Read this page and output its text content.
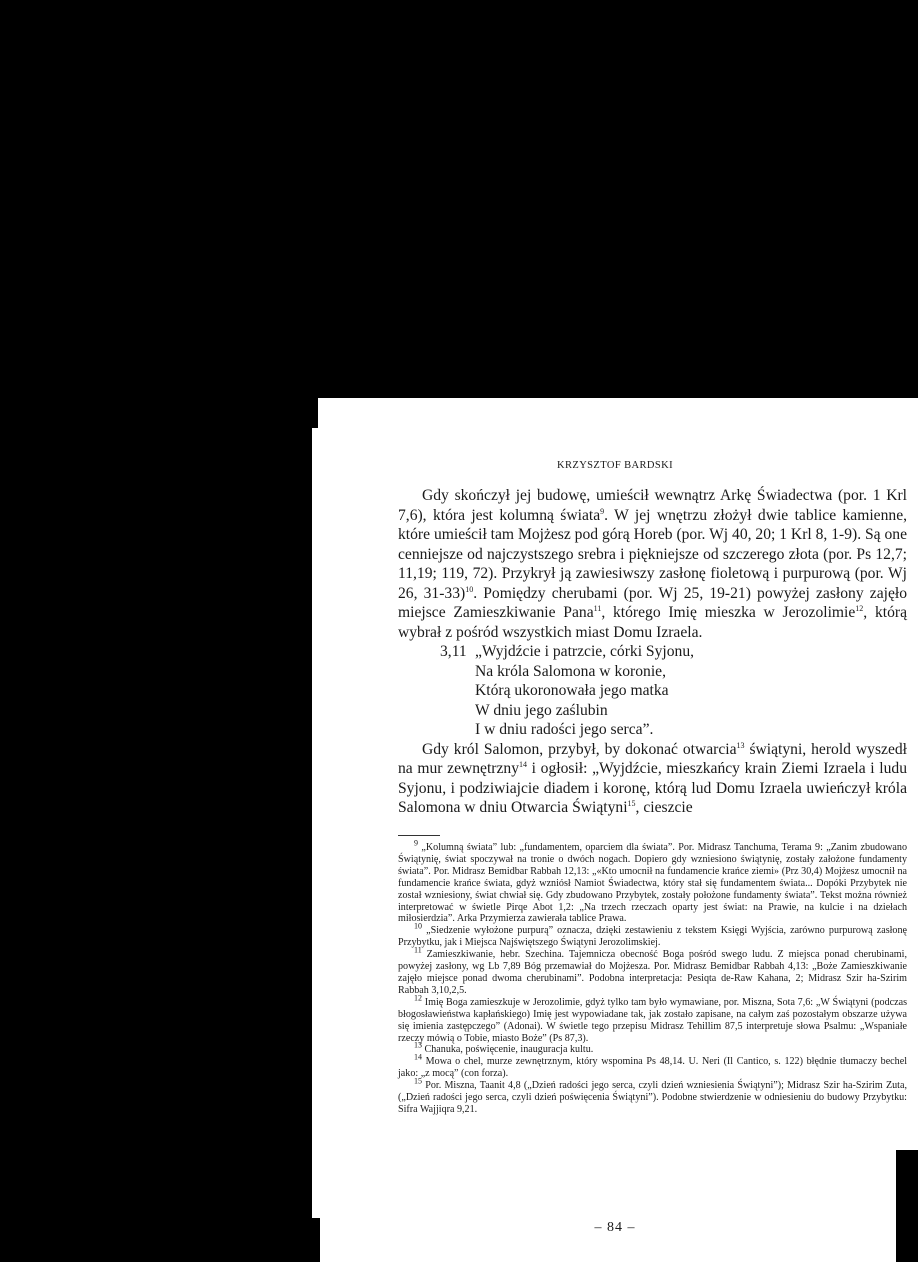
KRZYSZTOF BARDSKI

Gdy skończył jej budowę, umieścił wewnątrz Arkę Świadectwa (por. 1 Krl 7,6), która jest kolumną świata$^9$. W jej wnętrzu złożył dwie tablice kamienne, które umieścił tam Mojżesz pod górą Horeb (por. Wj 40, 20; 1 Krl 8, 1-9). Są one cenniejsze od najczystszego srebra i piękniejsze od szczerego złota (por. Ps 12,7; 11,19; 119, 72). Przykrył ją zawiesiwszy zasłonę fioletową i purpurową (por. Wj 26, 31-33)$^{10}$. Pomiędzy cherubami (por. Wj 25, 19-21) powyżej zasłony zajęło miejsce Zamieszkiwanie Pana$^{11}$, którego Imię mieszka w Jerozolimie$^{12}$, którą wybrał z pośród wszystkich miast Domu Izraela.

3,11 „Wyjdźcie i patrzcie, córki Syjonu,
Na króla Salomona w koronie,
Którą ukoronowała jego matka
W dniu jego zaślubin
I w dniu radości jego serca”.

Gdy król Salomon, przybył, by dokonać otwarcia$^{13}$ świątyni, herold wyszedł na mur zewnętrzny$^{14}$ i ogłosił: „Wyjdźcie, mieszkańcy krain Ziemi Izraela i ludu Syjonu, i podziwiajcie diadem i koronę, którą lud Domu Izraela uwieńczył króla Salomona w dniu Otwarcia Świątyni$^{15}$, cieszcie

$^9$ „Kolumną świata” lub: „fundamentem, oparciem dla świata”. Por. Midrasz Tanchuma, Terama 9: „Zanim zbudowano Świątynię, świat spoczywał na tronie o dwóch nogach. Dopiero gdy wzniesiono świątynię, zostały założone fundamenty świata”. Por. Midrasz Bemidbar Rabbah 12,13: „«Kto umocnił na fundamencie krańce ziemi» (Prz 30,4) Mojżesz umocnił na fundamencie krańce świata, gdyż wzniósł Namiot Świadectwa, który stał się fundamentem świata... Dopóki Przybytek nie został wzniesiony, świat chwiał się. Gdy zbudowano Przybytek, zostały położone fundamenty świata”. Tekst można również interpretować w świetle Pirqe Abot 1,2: „Na trzech rzeczach oparty jest świat: na Prawie, na kulcie i na dziełach miłosierdzia”. Arka Przymierza zawierała tablice Prawa.

$^{10}$ „Siedzenie wyłożone purpurą” oznacza, dzięki zestawieniu z tekstem Księgi Wyjścia, zarówno purpurową zasłonę Przybytku, jak i Miejsca Najświętszego Świątyni Jerozolimskiej.

$^{11}$ Zamieszkiwanie, hebr. Szechina. Tajemnicza obecność Boga pośród swego ludu. Z miejsca ponad cherubinami, powyżej zasłony, wg Lb 7,89 Bóg przemawiał do Mojżesza. Por. Midrasz Bemidbar Rabbah 4,13: „Boże Zamieszkiwanie zajęło miejsce ponad dwoma cherubinami”. Podobna interpretacja: Pesiqta de-Raw Kahana, 2; Midrasz Szir ha-Szirim Rabbah 3,10,2,5.

$^{12}$ Imię Boga zamieszkuje w Jerozolimie, gdyż tylko tam było wymawiane, por. Miszna, Sota 7,6: „W Świątyni (podczas błogosławieństwa kapłańskiego) Imię jest wypowiadane tak, jak zostało zapisane, na całym zaś pozostałym obszarze używa się imienia zastępczego” (Adonai). W świetle tego przepisu Midrasz Tehillim 87,5 interpretuje słowa Psalmu: „Wspaniałe rzeczy mówią o Tobie, miasto Boże” (Ps 87,3).

$^{13}$ Chanuka, poświęcenie, inauguracja kultu.

$^{14}$ Mowa o chel, murze zewnętrznym, który wspomina Ps 48,14. U. Neri (Il Cantico, s. 122) błędnie tłumaczy bechel jako: „z mocą” (con forza).

$^{15}$ Por. Miszna, Taanit 4,8 („Dzień radości jego serca, czyli dzień wzniesienia Świątyni”); Midrasz Szir ha-Szirim Zuta, („Dzień radości jego serca, czyli dzień poświęcenia Świątyni”). Podobne stwierdzenie w odniesieniu do budowy Przybytku: Sifra Wajjiqra 9,21.

– 84 –
